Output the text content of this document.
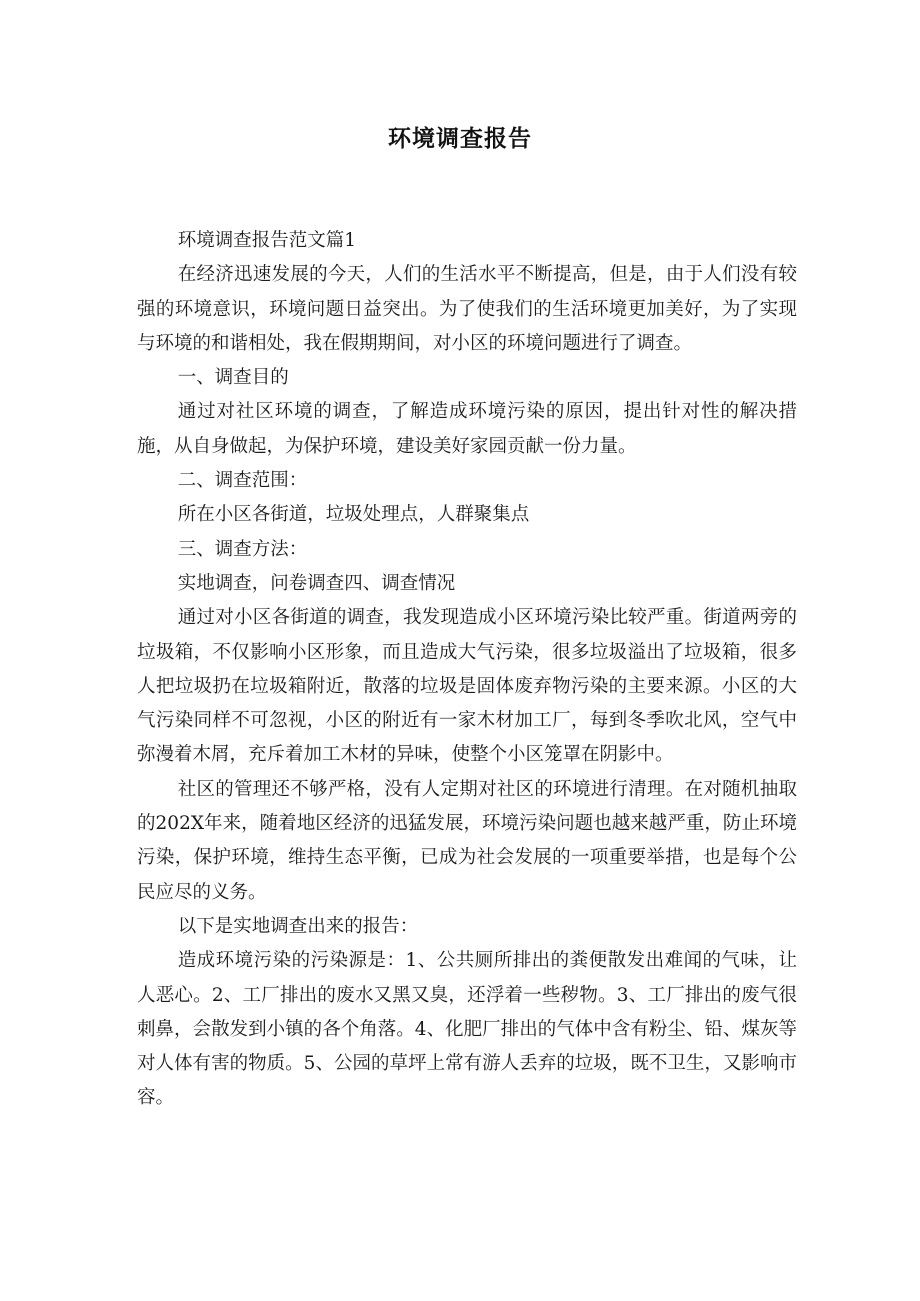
环境调查报告

环境调查报告范文篇1

在经济迅速发展的今天，人们的生活水平不断提高，但是，由于人们没有较强的环境意识，环境问题日益突出。为了使我们的生活环境更加美好，为了实现与环境的和谐相处，我在假期期间，对小区的环境问题进行了调查。

一、调查目的

通过对社区环境的调查，了解造成环境污染的原因，提出针对性的解决措施，从自身做起，为保护环境，建设美好家园贡献一份力量。

二、调查范围：

所在小区各街道，垃圾处理点，人群聚集点

三、调查方法：

实地调查，问卷调查四、调查情况

通过对小区各街道的调查，我发现造成小区环境污染比较严重。街道两旁的垃圾箱，不仅影响小区形象，而且造成大气污染，很多垃圾溢出了垃圾箱，很多人把垃圾扔在垃圾箱附近，散落的垃圾是固体废弃物污染的主要来源。小区的大气污染同样不可忽视，小区的附近有一家木材加工厂，每到冬季吹北风，空气中弥漫着木屑，充斥着加工木材的异味，使整个小区笼罩在阴影中。

社区的管理还不够严格，没有人定期对社区的环境进行清理。在对随机抽取的202X年来，随着地区经济的迅猛发展，环境污染问题也越来越严重，防止环境污染，保护环境，维持生态平衡，已成为社会发展的一项重要举措，也是每个公民应尽的义务。

以下是实地调查出来的报告：

造成环境污染的污染源是：1、公共厕所排出的粪便散发出难闻的气味，让人恶心。2、工厂排出的废水又黑又臭，还浮着一些秽物。3、工厂排出的废气很刺鼻，会散发到小镇的各个角落。4、化肥厂排出的气体中含有粉尘、铅、煤灰等对人体有害的物质。5、公园的草坪上常有游人丢弃的垃圾，既不卫生，又影响市容。
